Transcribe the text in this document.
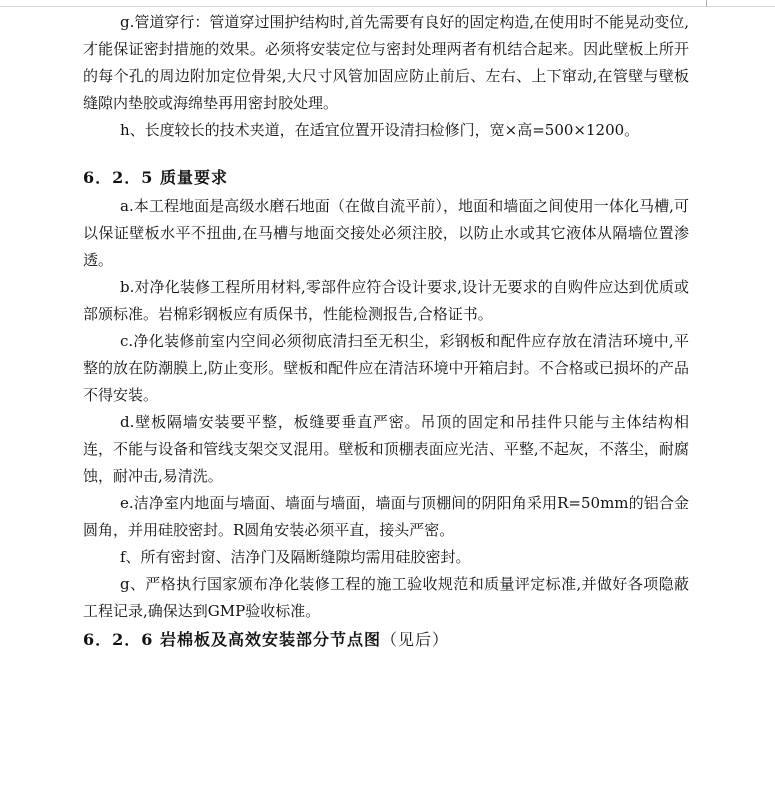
g.管道穿行：管道穿过围护结构时,首先需要有良好的固定构造,在使用时不能晃动变位,才能保证密封措施的效果。必须将安装定位与密封处理两者有机结合起来。因此壁板上所开的每个孔的周边附加定位骨架,大尺寸风管加固应防止前后、左右、上下窜动,在管壁与壁板缝隙内垫胶或海绵垫再用密封胶处理。

h、长度较长的技术夹道，在适宜位置开设清扫检修门，宽×高=500×1200。

6．2．5 质量要求

a.本工程地面是高级水磨石地面（在做自流平前），地面和墙面之间使用一体化马槽,可以保证壁板水平不扭曲,在马槽与地面交接处必须注胶，以防止水或其它液体从隔墙位置渗透。

b.对净化装修工程所用材料,零部件应符合设计要求,设计无要求的自购件应达到优质或部颁标准。岩棉彩钢板应有质保书，性能检测报告,合格证书。

c.净化装修前室内空间必须彻底清扫至无积尘，彩钢板和配件应存放在清洁环境中,平整的放在防潮膜上,防止变形。壁板和配件应在清洁环境中开箱启封。不合格或已损坏的产品不得安装。

d.壁板隔墙安装要平整，板缝要垂直严密。吊顶的固定和吊挂件只能与主体结构相连，不能与设备和管线支架交叉混用。壁板和顶棚表面应光洁、平整,不起灰，不落尘，耐腐蚀，耐冲击,易清洗。

e.洁净室内地面与墙面、墙面与墙面，墙面与顶棚间的阴阳角采用R=50mm的铝合金圆角，并用硅胶密封。R圆角安装必须平直，接头严密。

f、所有密封窗、洁净门及隔断缝隙均需用硅胶密封。

g、严格执行国家颁布净化装修工程的施工验收规范和质量评定标准,并做好各项隐蔽工程记录,确保达到GMP验收标准。

6．2．6 岩棉板及高效安装部分节点图（见后）
